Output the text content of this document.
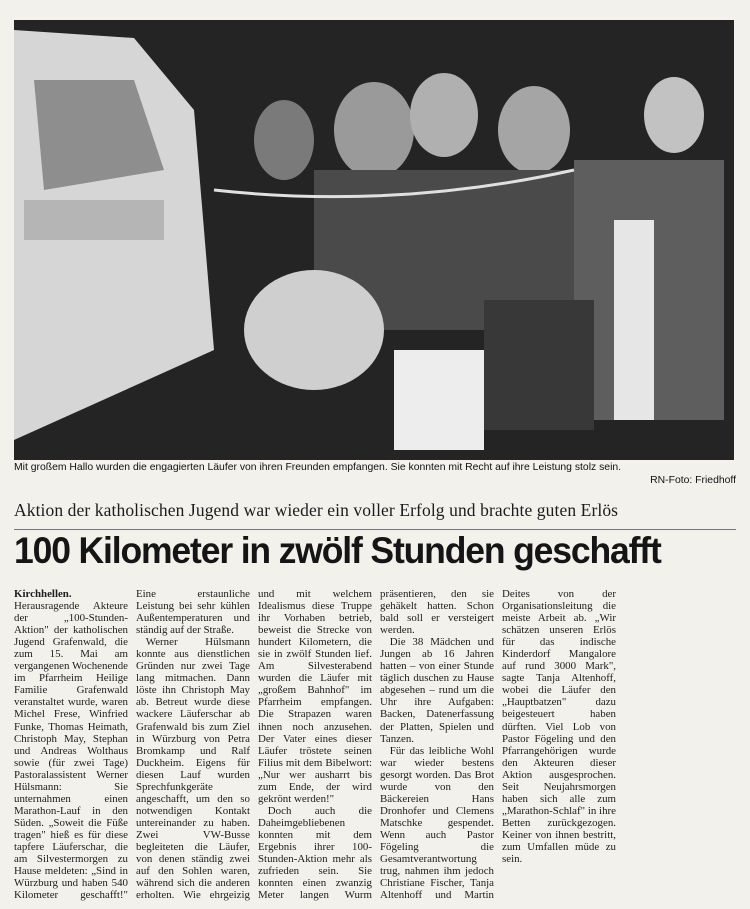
Mit großem Hallo wurden die engagierten Läufer von ihren Freunden empfangen. Sie konnten mit Recht auf ihre Leistung stolz sein.
RN-Foto: Friedhoff
Aktion der katholischen Jugend war wieder ein voller Erfolg und brachte guten Erlös
100 Kilometer in zwölf Stunden geschafft

Kirchhellen. Herausragende Akteure der „100-Stunden-Aktion" der katholischen Jugend Grafenwald, die zum 15. Mai am vergangenen Wochenende im Pfarrheim Heilige Familie Grafenwald veranstaltet wurde, waren Michel Frese, Winfried Funke, Thomas Heimath, Christoph May, Stephan und Andreas Wolthaus sowie (für zwei Tage) Pastoralassistent Werner Hülsmann: Sie unternahmen einen Marathon-Lauf in den Süden. „Soweit die Füße tragen" hieß es für diese tapfere Läuferschar, die am Silvestermorgen zu Hause meldeten: „Sind in Würzburg und haben 540 Kilometer geschafft!" Eine erstaunliche Leistung bei sehr kühlen Außentemperaturen und ständig auf der Straße.

Werner Hülsmann konnte aus dienstlichen Gründen nur zwei Tage lang mitmachen. Dann löste ihn Christoph May ab. Betreut wurde diese wackere Läuferschar ab Grafenwald bis zum Ziel in Würzburg von Petra Bromkamp und Ralf Duckheim. Eigens für diesen Lauf wurden Sprechfunkgeräte angeschafft, um den so notwendigen Kontakt untereinander zu haben. Zwei VW-Busse begleiteten die Läufer, von denen ständig zwei auf den Sohlen waren, während sich die anderen erholten. Wie ehrgeizig und mit welchem Idealismus diese Truppe ihr Vorhaben betrieb, beweist die Strecke von hundert Kilometern, die sie in zwölf Stunden lief. Am Silvesterabend wurden die Läufer mit „großem Bahnhof" im Pfarrheim empfangen. Die Strapazen waren ihnen noch anzusehen. Der Vater eines dieser Läufer tröstete seinen Filius mit dem Bibelwort: „Nur wer ausharrt bis zum Ende, der wird gekrönt werden!"

Doch auch die Daheimgebliebenen konnten mit dem Ergebnis ihrer 100-Stunden-Aktion mehr als zufrieden sein. Sie konnten einen zwanzig Meter langen Wurm präsentieren, den sie gehäkelt hatten. Schon bald soll er versteigert werden.

Die 38 Mädchen und Jungen ab 16 Jahren hatten – von einer Stunde täglich duschen zu Hause abgesehen – rund um die Uhr ihre Aufgaben: Backen, Datenerfassung der Platten, Spielen und Tanzen.

Für das leibliche Wohl war wieder bestens gesorgt worden. Das Brot wurde von den Bäckereien Hans Dronhofer und Clemens Matschke gespendet. Wenn auch Pastor Fögeling die Gesamtverantwortung trug, nahmen ihm jedoch Christiane Fischer, Tanja Altenhoff und Martin Deites von der Organisationsleitung die meiste Arbeit ab. „Wir schätzen unseren Erlös für das indische Kinderdorf Mangalore auf rund 3000 Mark", sagte Tanja Altenhoff, wobei die Läufer den „Hauptbatzen" dazu beigesteuert haben dürften. Viel Lob von Pastor Fögeling und den Pfarrangehörigen wurde den Akteuren dieser Aktion ausgesprochen. Seit Neujahrsmorgen haben sich alle zum „Marathon-Schlaf" in ihre Betten zurückgezogen. Keiner von ihnen bestritt, zum Umfallen müde zu sein.
